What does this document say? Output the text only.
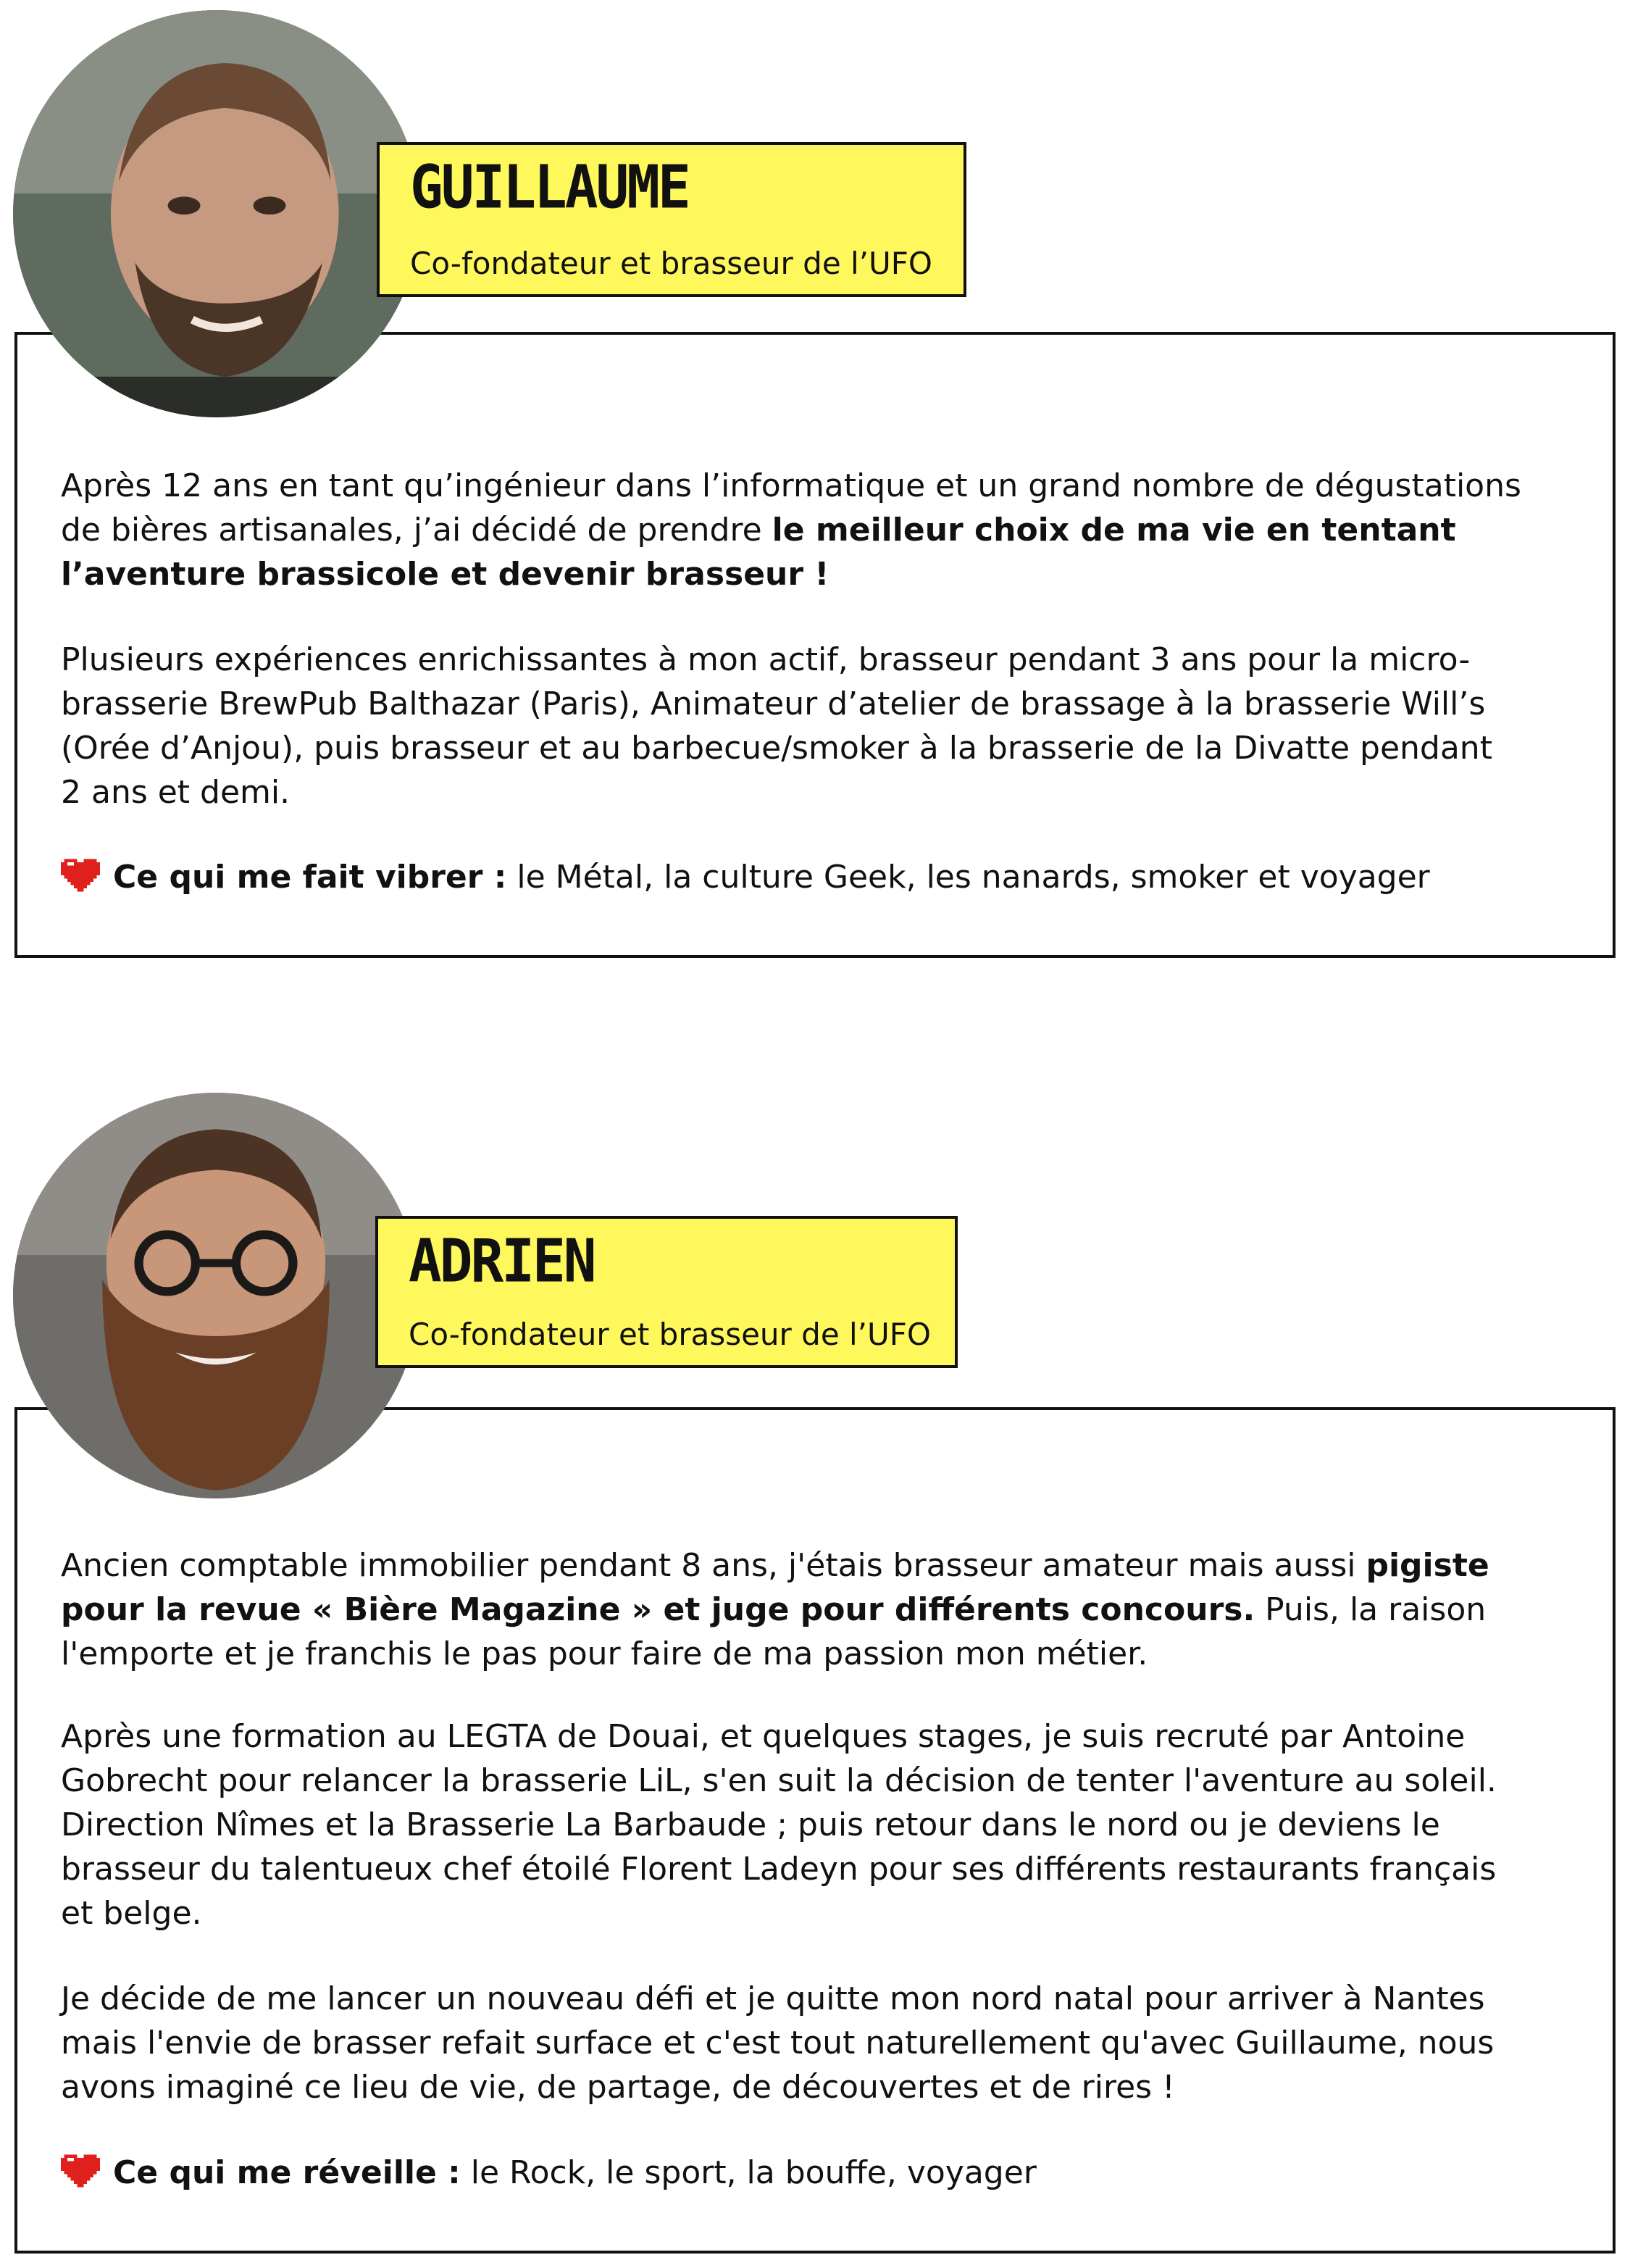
GUILLAUME
Co-fondateur et brasseur de l’UFO

Après 12 ans en tant qu’ingénieur dans l’informatique et un grand nombre de dégustations de bières artisanales, j’ai décidé de prendre le meilleur choix de ma vie en tentant l’aventure brassicole et devenir brasseur !

Plusieurs expériences enrichissantes à mon actif, brasseur pendant 3 ans pour la micro-brasserie BrewPub Balthazar (Paris), Animateur d’atelier de brassage à la brasserie Will’s (Orée d’Anjou), puis brasseur et au barbecue/smoker à la brasserie de la Divatte pendant 2 ans et demi.

Ce qui me fait vibrer : le Métal, la culture Geek, les nanards, smoker et voyager

ADRIEN
Co-fondateur et brasseur de l’UFO

Ancien comptable immobilier pendant 8 ans, j'étais brasseur amateur mais aussi pigiste pour la revue « Bière Magazine » et juge pour différents concours. Puis, la raison l'emporte et je franchis le pas pour faire de ma passion mon métier.

Après une formation au LEGTA de Douai, et quelques stages, je suis recruté par Antoine Gobrecht pour relancer la brasserie LiL, s'en suit la décision de tenter l'aventure au soleil. Direction Nîmes et la Brasserie La Barbaude ; puis retour dans le nord ou je deviens le brasseur du talentueux chef étoilé Florent Ladeyn pour ses différents restaurants français et belge.

Je décide de me lancer un nouveau défi et je quitte mon nord natal pour arriver à Nantes mais l'envie de brasser refait surface et c'est tout naturellement qu'avec Guillaume, nous avons imaginé ce lieu de vie, de partage, de découvertes et de rires !

Ce qui me réveille : le Rock, le sport, la bouffe, voyager
